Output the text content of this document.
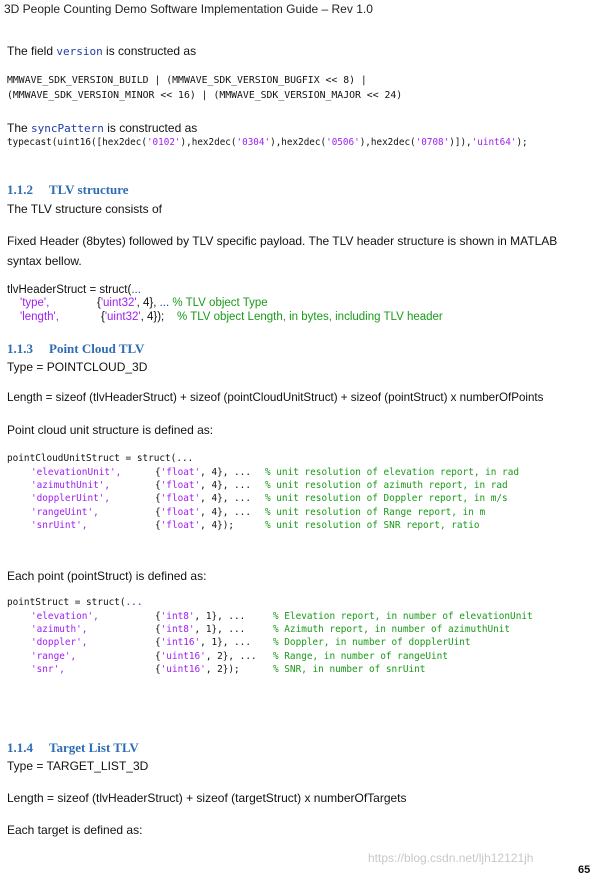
3D People Counting Demo Software Implementation Guide – Rev 1.0
The field version is constructed as
MMWAVE_SDK_VERSION_BUILD | (MMWAVE_SDK_VERSION_BUGFIX << 8) |
(MMWAVE_SDK_VERSION_MINOR << 16) | (MMWAVE_SDK_VERSION_MAJOR << 24)
The syncPattern is constructed as
typecast(uint16([hex2dec('0102'),hex2dec('0304'),hex2dec('0506'),hex2dec('0708')]),'uint64');
1.1.2 TLV structure
The TLV structure consists of
Fixed Header (8bytes) followed by TLV specific payload. The TLV header structure is shown in MATLAB
syntax bellow.
tlvHeaderStruct = struct(...
'type',	{'uint32', 4}, ... % TLV object Type
'length',	{'uint32', 4});    % TLV object Length, in bytes, including TLV header
1.1.3 Point Cloud TLV
Type = POINTCLOUD_3D
Length = sizeof (tlvHeaderStruct) + sizeof (pointCloudUnitStruct) + sizeof (pointStruct) x numberOfPoints
Point cloud unit structure is defined as:
pointCloudUnitStruct = struct(...
'elevationUnit',	{'float', 4}, ... % unit resolution of elevation report, in rad
'azimuthUnit',	{'float', 4}, ... % unit resolution of azimuth report, in rad
'dopplerUint',	{'float', 4}, ... % unit resolution of Doppler report, in m/s
'rangeUint',	{'float', 4}, ... % unit resolution of Range report, in m
'snrUint',	{'float', 4}); % unit resolution of SNR report, ratio
Each point (pointStruct) is defined as:
pointStruct = struct(...
'elevation',	{'int8', 1}, ... % Elevation report, in number of elevationUnit
'azimuth',	{'int8', 1}, ... % Azimuth report, in number of azimuthUnit
'doppler',	{'int16', 1}, ... % Doppler, in number of dopplerUint
'range',	{'uint16', 2}, ... % Range, in number of rangeUint
'snr',	{'uint16', 2}); % SNR, in number of snrUint
1.1.4 Target List TLV
Type = TARGET_LIST_3D
Length = sizeof (tlvHeaderStruct) + sizeof (targetStruct) x numberOfTargets
Each target is defined as:
https://blog.csdn.net/ljh12121jh
65
